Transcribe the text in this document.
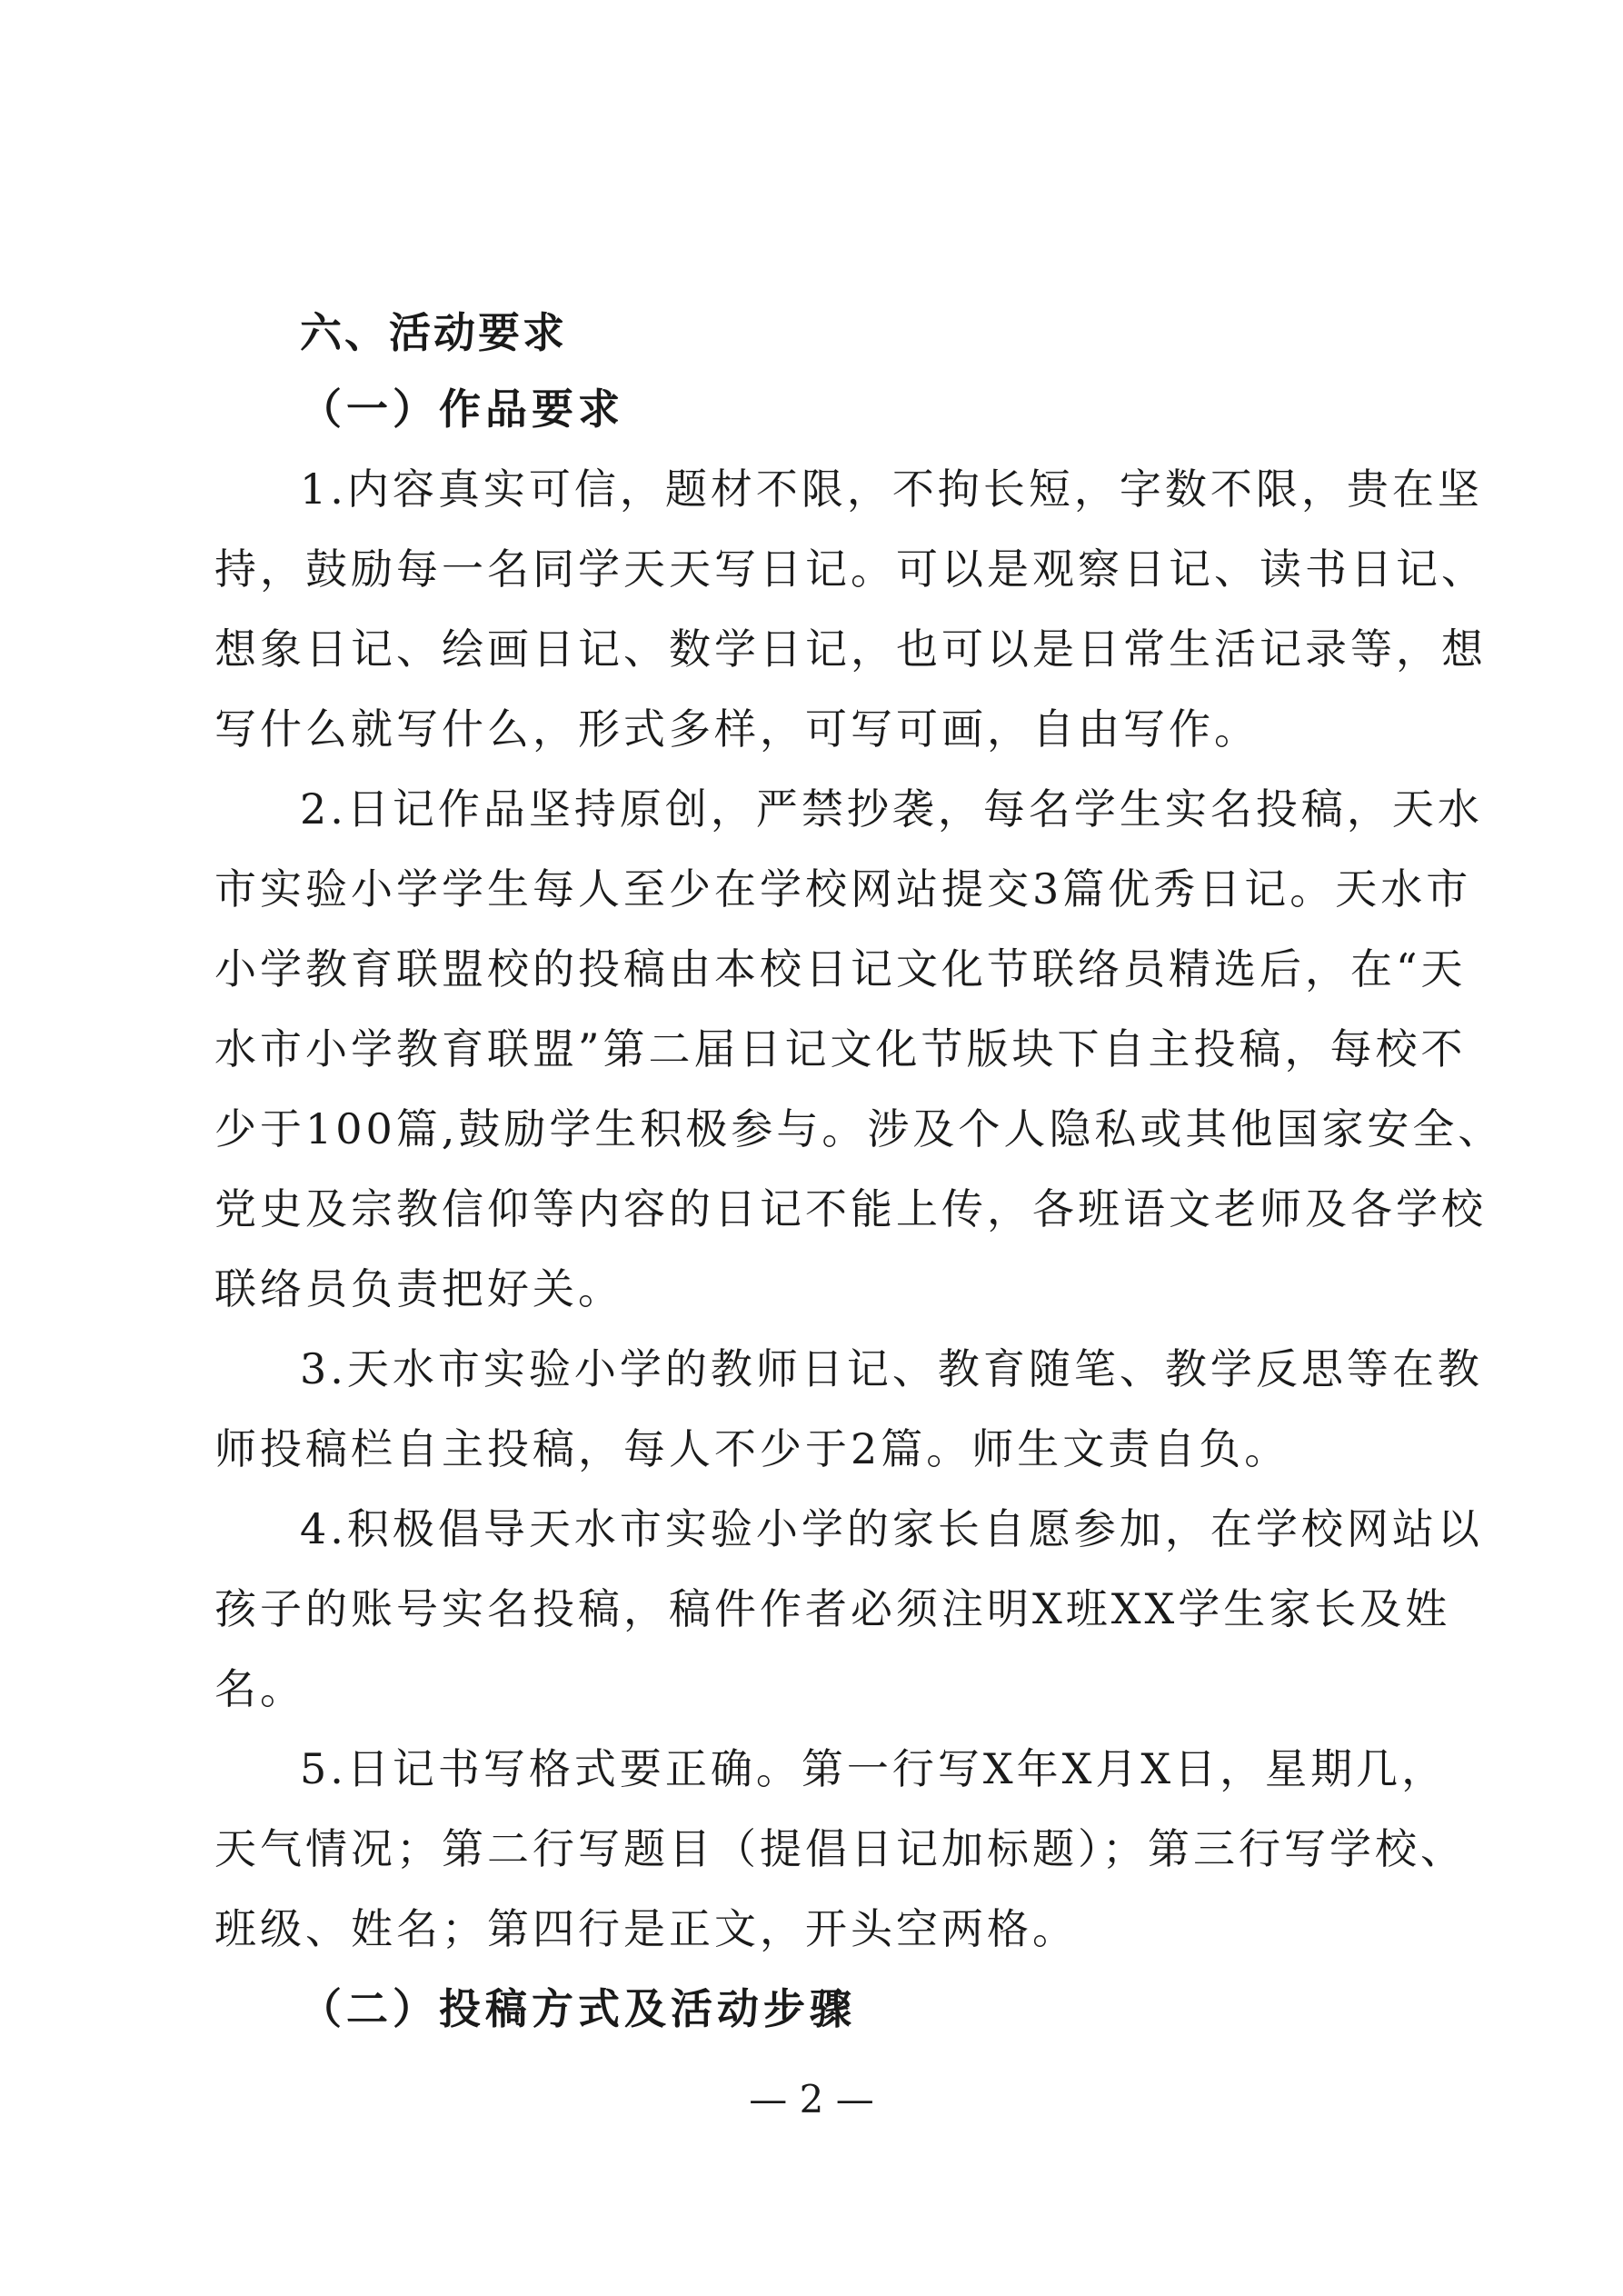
六、活动要求
（一）作品要求
1.内容真实可信，题材不限，不拘长短，字数不限，贵在坚
持，鼓励每一名同学天天写日记。可以是观察日记、读书日记、
想象日记、绘画日记、数学日记，也可以是日常生活记录等，想
写什么就写什么，形式多样，可写可画，自由写作。
2.日记作品坚持原创，严禁抄袭，每名学生实名投稿，天水
市实验小学学生每人至少在学校网站提交3篇优秀日记。天水市
小学教育联盟校的投稿由本校日记文化节联络员精选后，在“天
水市小学教育联盟”第二届日记文化节版块下自主投稿，每校不
少于100篇,鼓励学生积极参与。涉及个人隐私或其他国家安全、
党史及宗教信仰等内容的日记不能上传，各班语文老师及各学校
联络员负责把好关。
3.天水市实验小学的教师日记、教育随笔、教学反思等在教
师投稿栏自主投稿，每人不少于2篇。师生文责自负。
4.积极倡导天水市实验小学的家长自愿参加，在学校网站以
孩子的账号实名投稿，稿件作者必须注明X班XX学生家长及姓
名。
5.日记书写格式要正确。第一行写X年X月X日，星期几，
天气情况；第二行写题目（提倡日记加标题）；第三行写学校、
班级、姓名；第四行是正文，开头空两格。
（二）投稿方式及活动步骤
— 2 —
